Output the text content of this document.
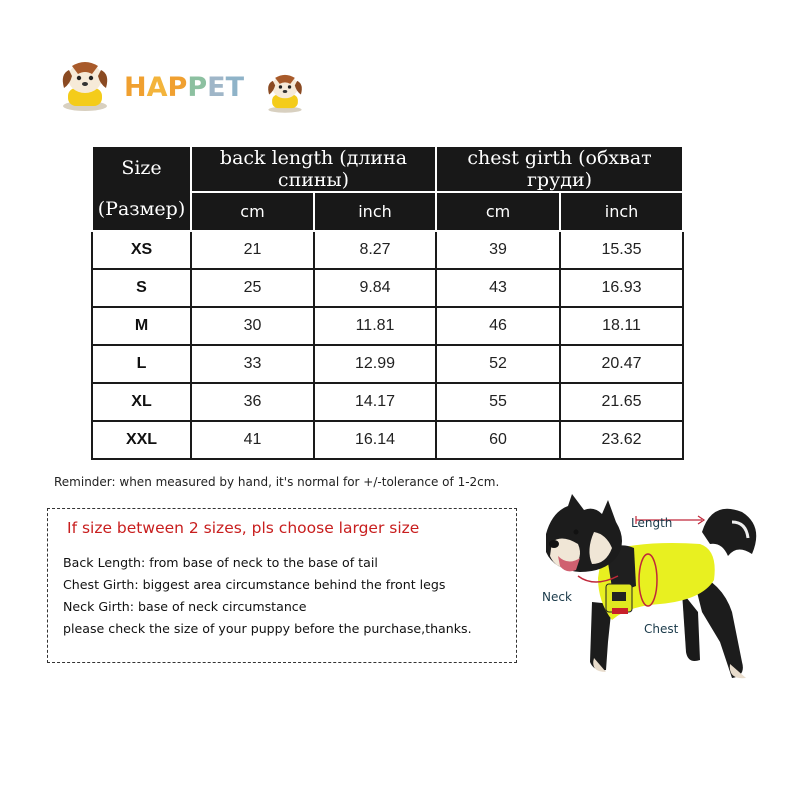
HAPPET
Size
(Размер)	back length (длина спины)		chest girth (обхват груди)	
	cm	inch	cm	inch
XS	21	8.27	39	15.35
S	25	9.84	43	16.93
M	30	11.81	46	18.11
L	33	12.99	52	20.47
XL	36	14.17	55	21.65
XXL	41	16.14	60	23.62
Reminder: when measured by hand, it's normal for +/-tolerance of 1-2cm.
If size between 2 sizes, pls choose larger size
Back Length: from base of neck to the base of tail
Chest Girth: biggest area circumstance behind the front legs
Neck Girth: base of neck circumstance
please check the size of your puppy before the purchase,thanks.
Length
Neck
Chest
